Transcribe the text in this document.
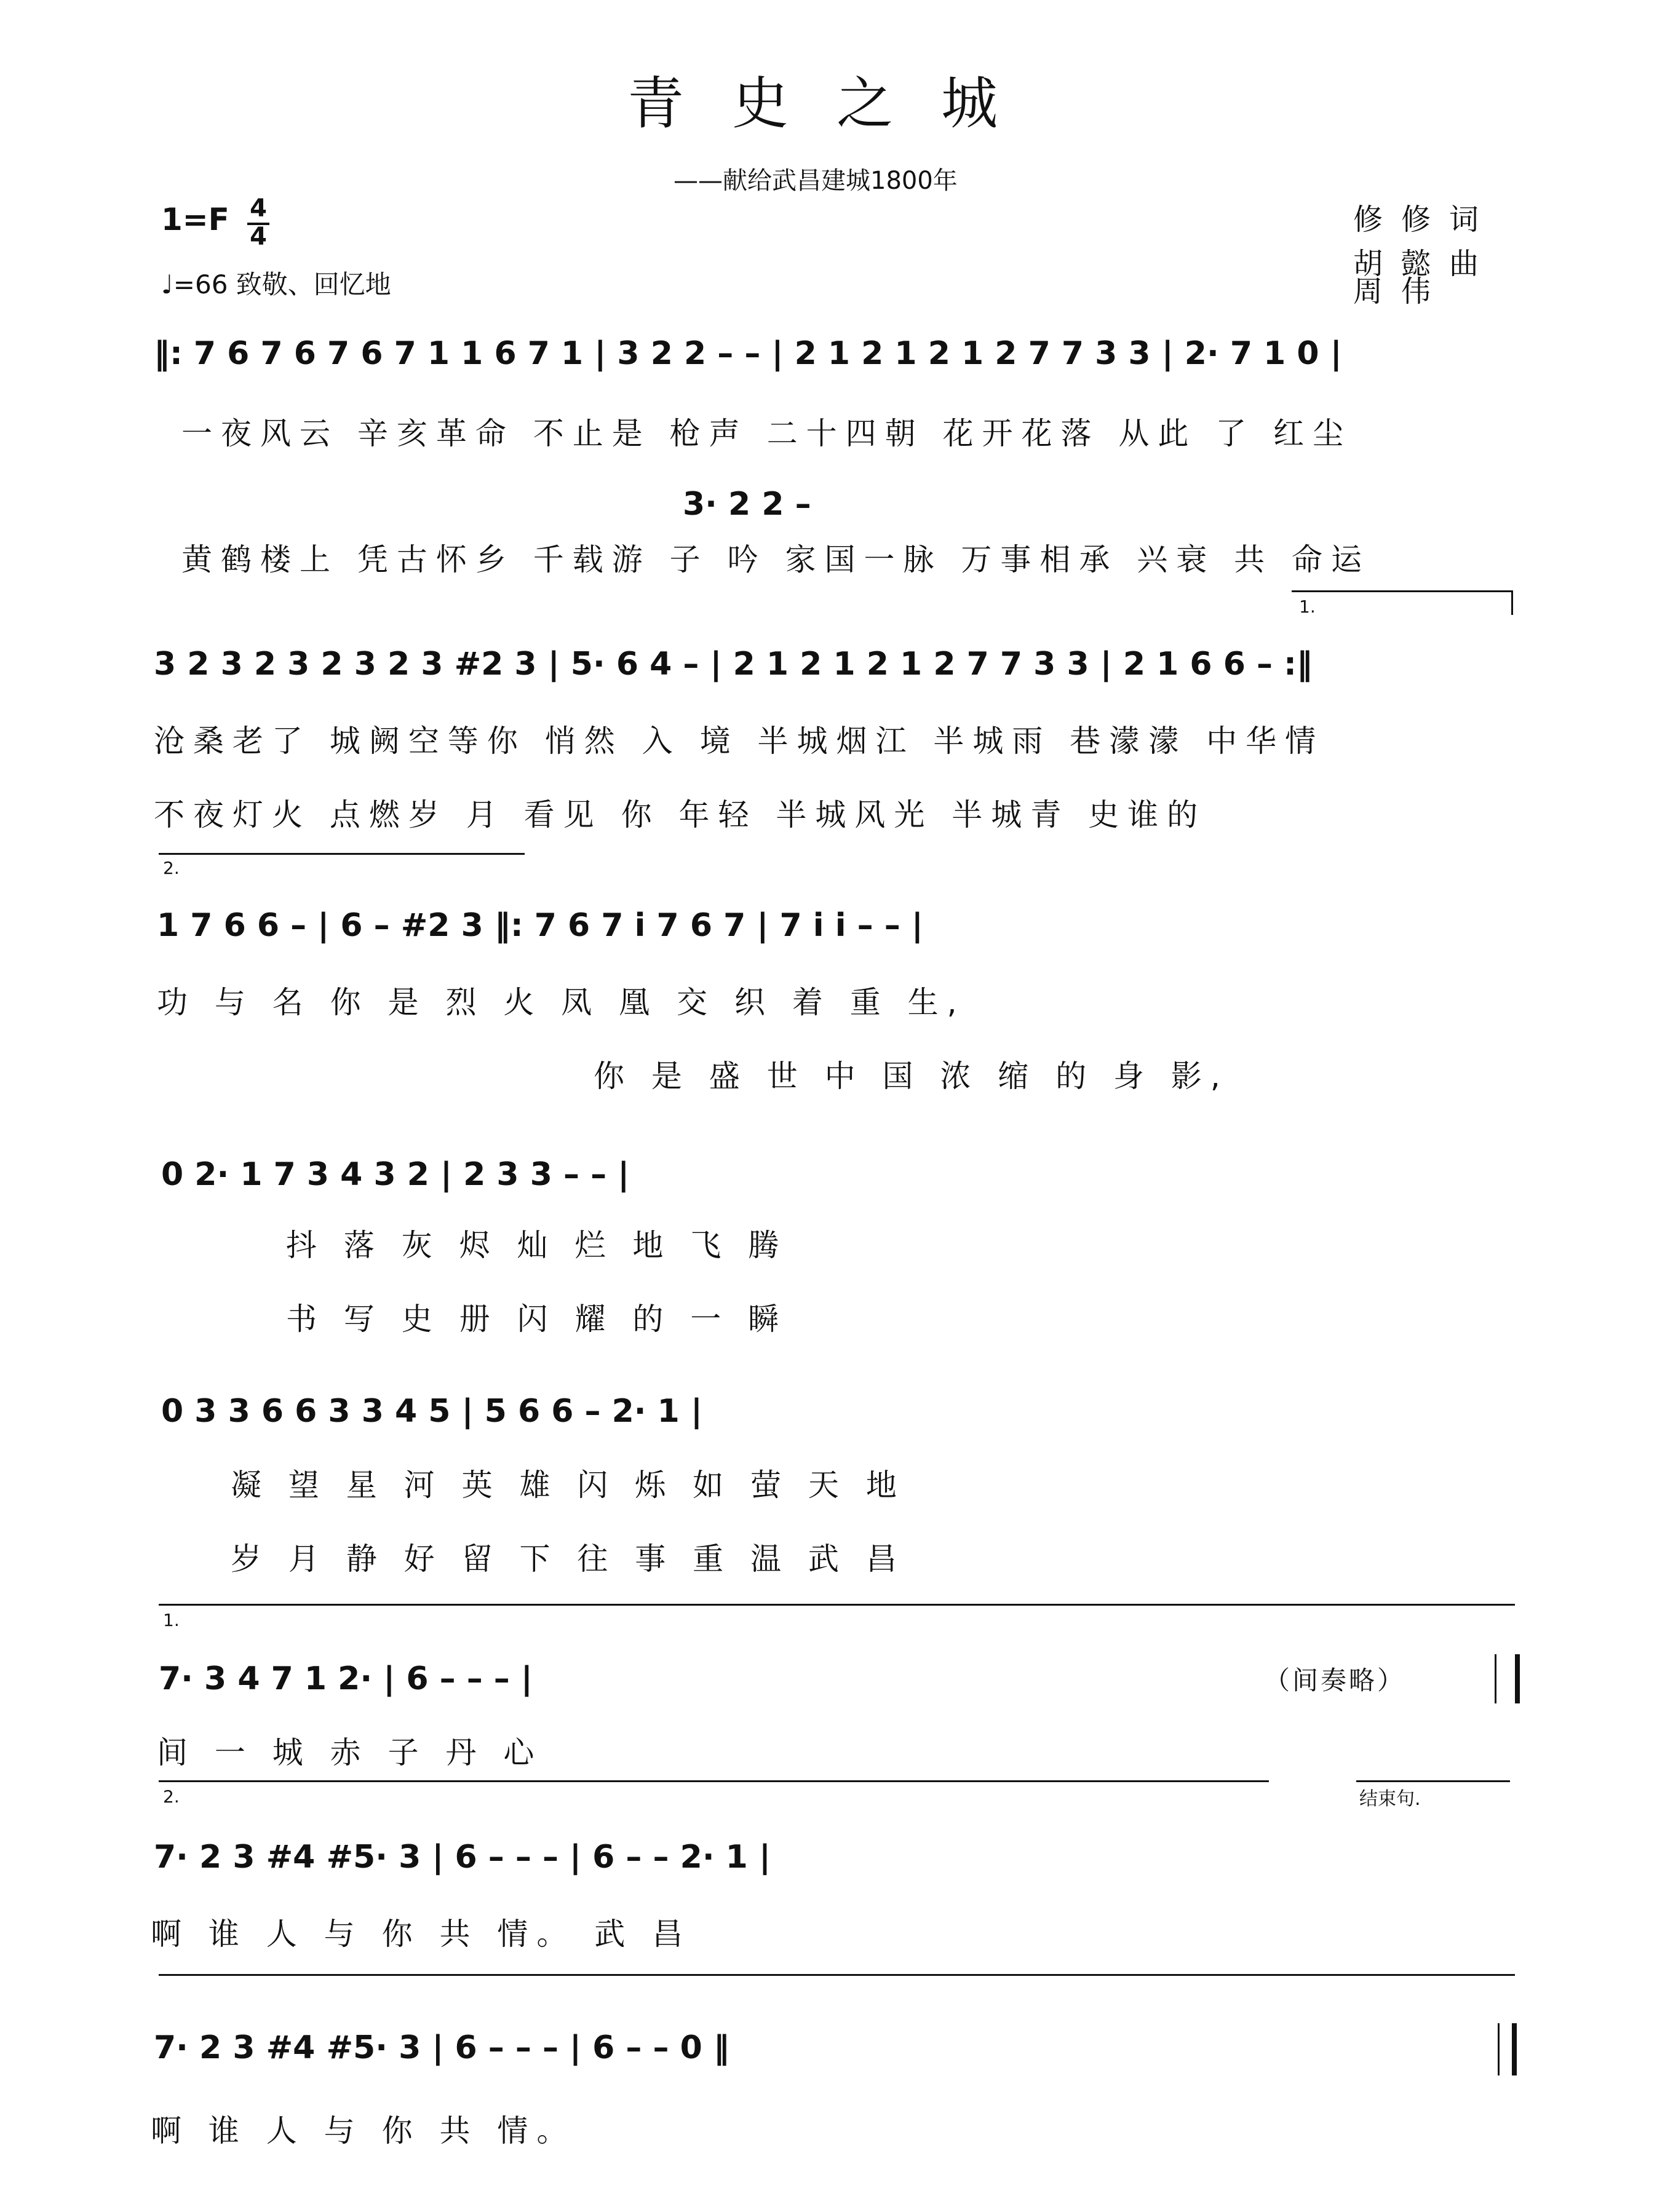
青史之城
——献给武昌建城1800年
1=F 4
4
♩=66 致敬、回忆地
修修词
胡懿曲
周伟
‖: 7 6 7 6 7 6 7 1 1 6 7 1 | 3 2 2 – – | 2 1 2 1 2 1 2 7 7 3 3 | 2· 7 1 0 |
一夜风云 辛亥革命 不止是 枪声 二十四朝 花开花落 从此 了 红尘
3· 2 2 –
黄鹤楼上 凭古怀乡 千载游 子 吟 家国一脉 万事相承 兴衰 共 命运
1.
3 2 3 2 3 2 3 2 3 #2 3 | 5· 6 4 – | 2 1 2 1 2 1 2 7 7 3 3 | 2 1 6 6 – :‖
沧桑老了 城阙空等你 悄然 入 境 半城烟江 半城雨 巷濛濛 中华情
不夜灯火 点燃岁 月 看见 你 年轻 半城风光 半城青 史谁的
2.
1 7 6 6 – | 6 – #2 3 ‖: 7 6 7 i 7 6 7 | 7 i i – – |
功 与 名 你 是 烈 火 凤 凰 交 织 着 重 生,
你 是 盛 世 中 国 浓 缩 的 身 影,
0 2· 1 7 3 4 3 2 | 2 3 3 – – |
抖 落 灰 烬 灿 烂 地 飞 腾
书 写 史 册 闪 耀 的 一 瞬
0 3 3 6 6 3 3 4 5 | 5 6 6 – 2· 1 |
凝 望 星 河 英 雄 闪 烁 如 萤 天 地
岁 月 静 好 留 下 往 事 重 温 武 昌
1.
7· 3 4 7 1 2· | 6 – – – |	（间奏略）
间 一 城 赤 子 丹 心
2.	结束句.
7· 2 3 #4 #5· 3 | 6 – – – | 6 – – 2· 1 |
啊 谁 人 与 你 共 情。 武 昌
7· 2 3 #4 #5· 3 | 6 – – – | 6 – – 0 ‖
啊 谁 人 与 你 共 情。
